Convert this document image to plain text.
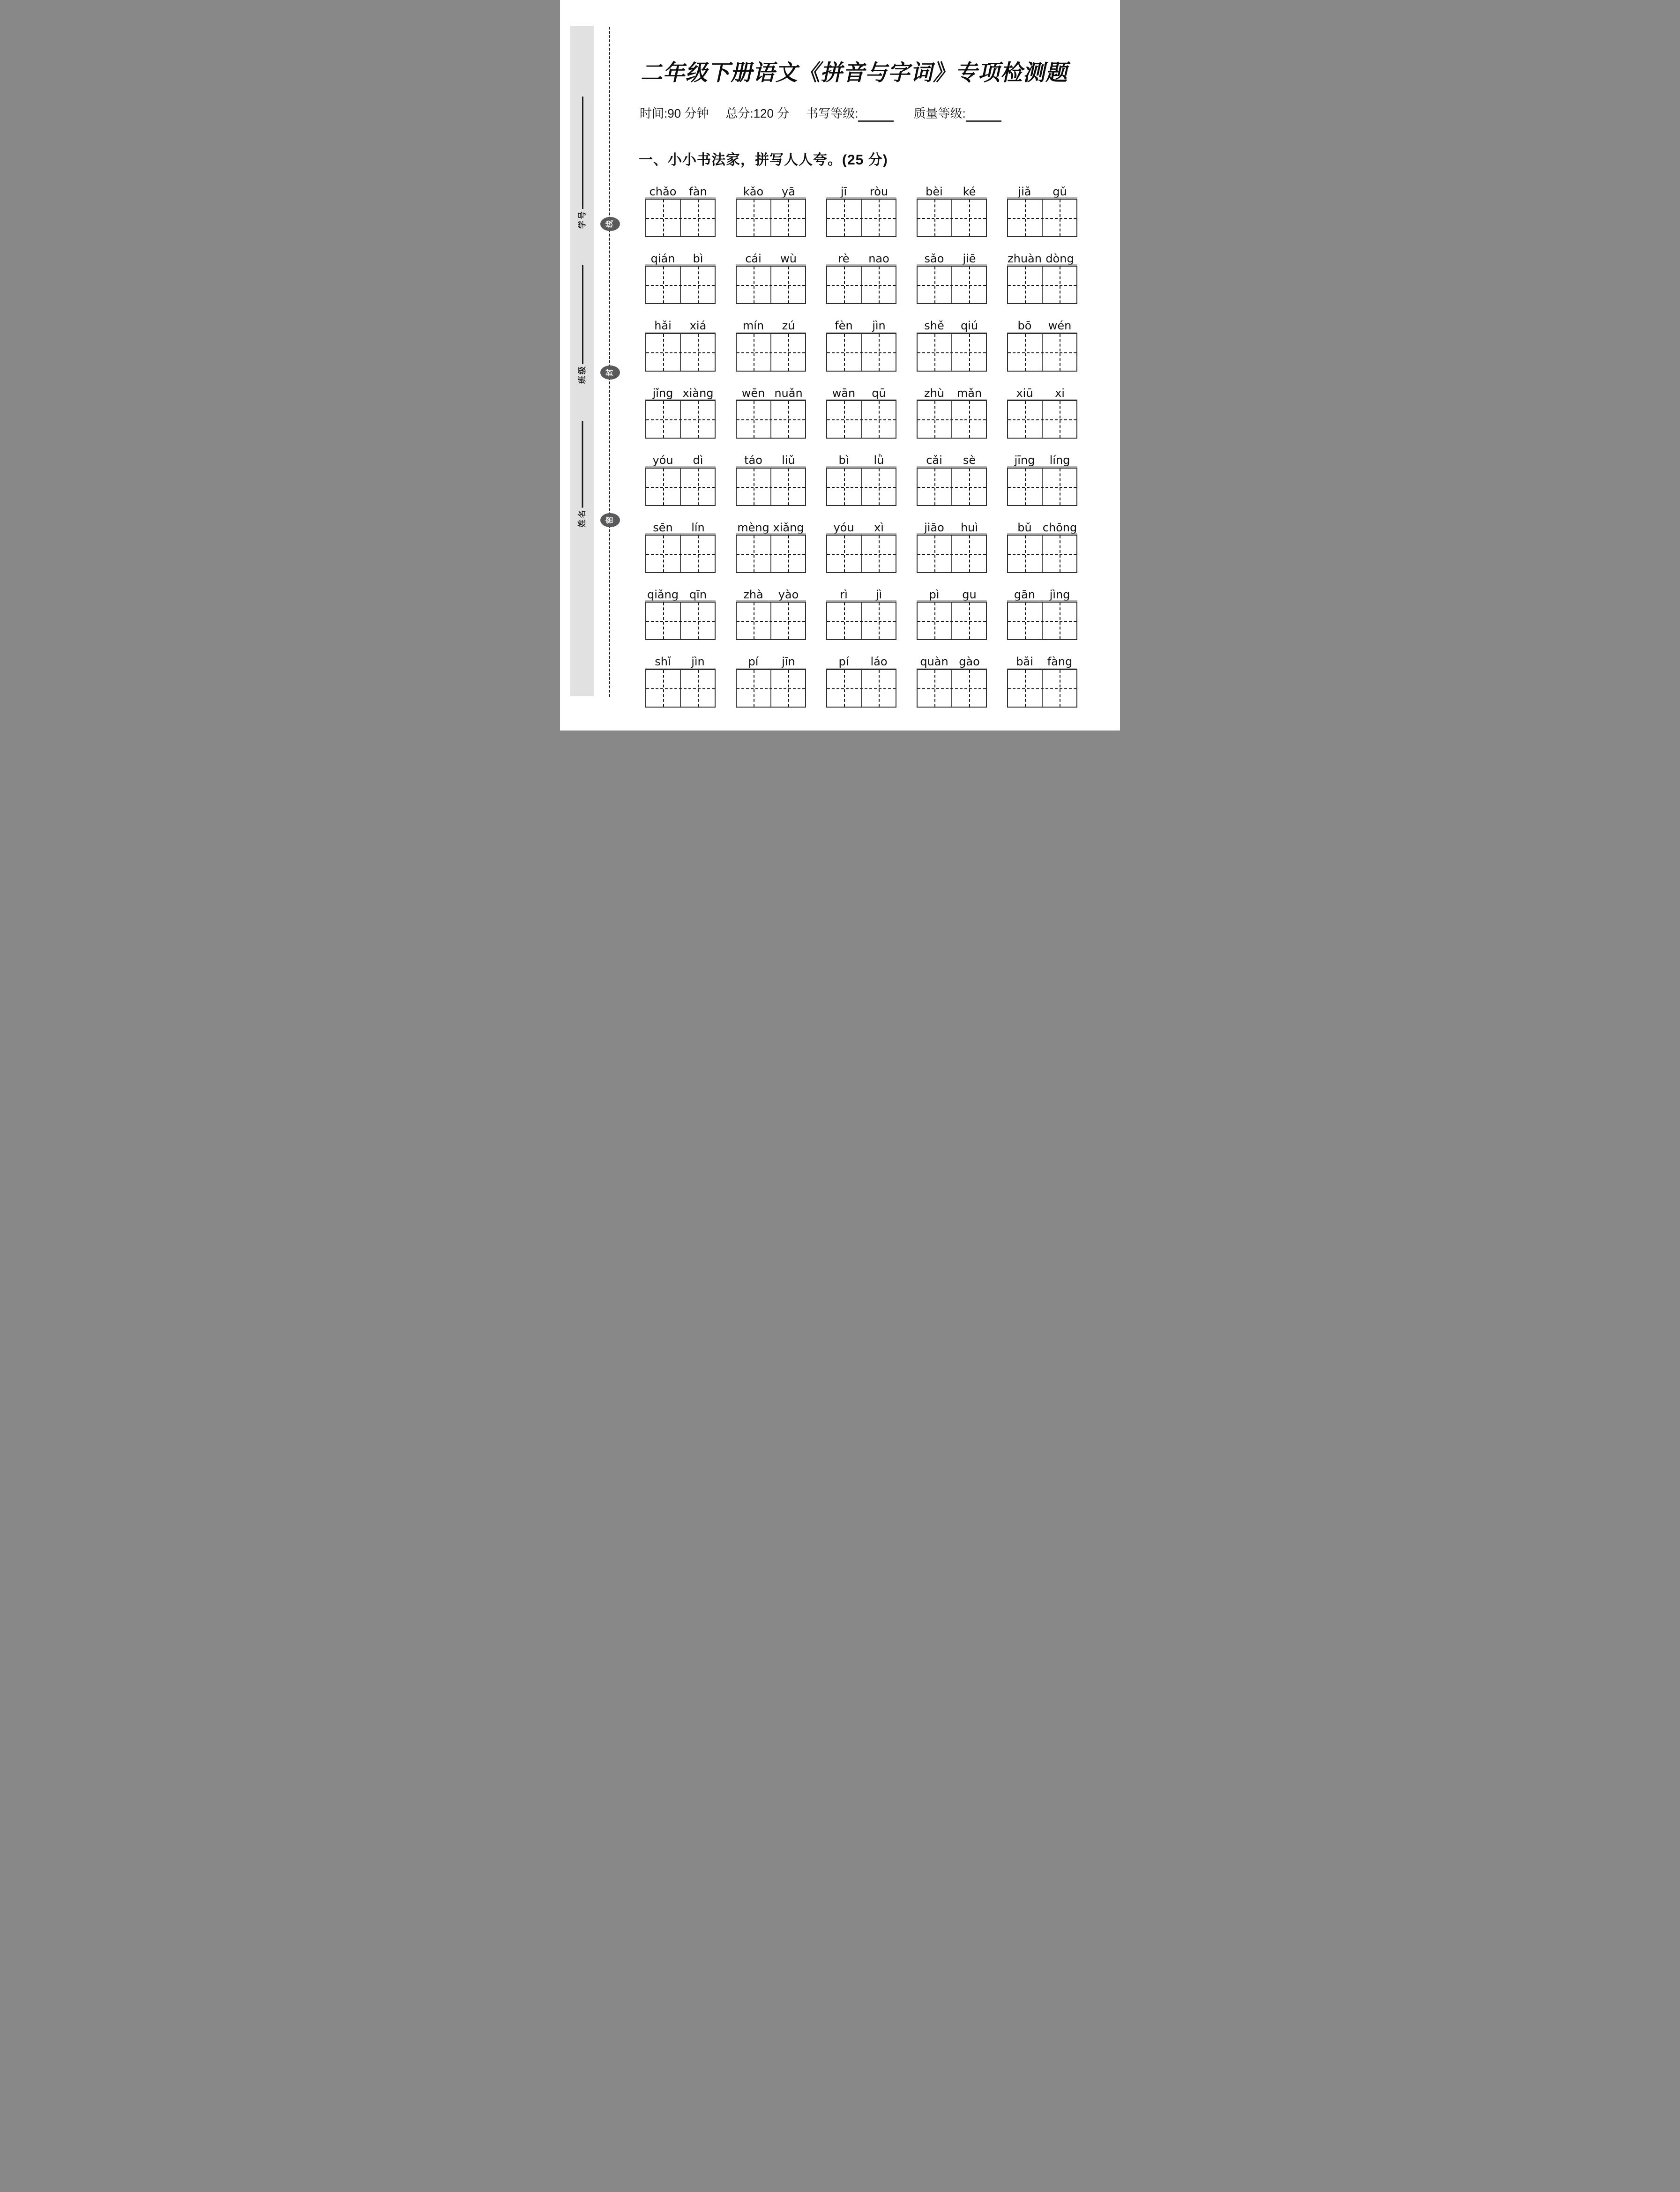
学号
班级
姓名
线
封
密
二年级下册语文《拼音与字词》专项检测题
时间:90 分钟 总分:120 分 书写等级:	质量等级:
一、小小书法家，拼写人人夸。(25 分)
chǎo	fàn	kǎo	yā	jī	ròu	bèi	ké	jiǎ	gǔ
qián	bì	cái	wù	rè	nao	sǎo	jiē	zhuàn dòng
hǎi	xiá	mín	zú	fèn	jìn	shě	qiú	bō	wén
jǐng xiàng	wēn nuǎn	wān	qū	zhù	mǎn	xiū	xi
yóu	dì	táo	liǔ	bì	lǜ	cǎi	sè	jīng	líng
sēn	lín	mèng xiǎng	yóu	xì	jiāo	huì	bǔ chōng
qiǎng qīn	zhà	yào	rì	jì	pì	gu	gān	jìng
shǐ	jìn	pí	jīn	pí	láo	quàn gào	bǎi	fàng
